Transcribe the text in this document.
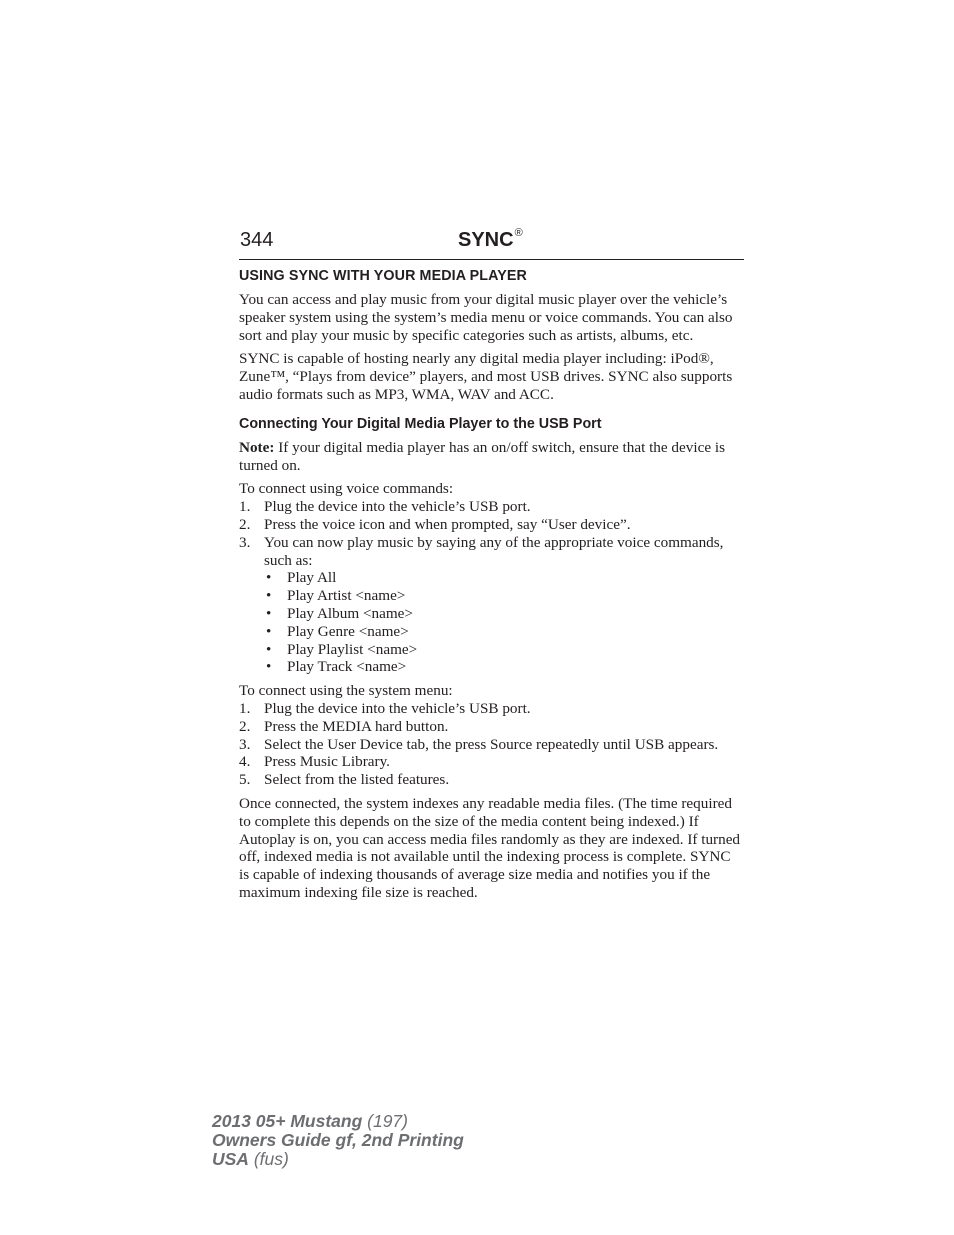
344	SYNC®
USING SYNC WITH YOUR MEDIA PLAYER

You can access and play music from your digital music player over the vehicle’s speaker system using the system’s media menu or voice commands. You can also sort and play your music by specific categories such as artists, albums, etc.

SYNC is capable of hosting nearly any digital media player including: iPod®, Zune™, “Plays from device” players, and most USB drives. SYNC also supports audio formats such as MP3, WMA, WAV and ACC.

Connecting Your Digital Media Player to the USB Port

Note: If your digital media player has an on/off switch, ensure that the device is turned on.

To connect using voice commands:
1. Plug the device into the vehicle’s USB port.
2. Press the voice icon and when prompted, say “User device”.
3. You can now play music by saying any of the appropriate voice commands, such as:
• Play All
• Play Artist <name>
• Play Album <name>
• Play Genre <name>
• Play Playlist <name>
• Play Track <name>
To connect using the system menu:
1. Plug the device into the vehicle’s USB port.
2. Press the MEDIA hard button.
3. Select the User Device tab, the press Source repeatedly until USB appears.
4. Press Music Library.
5. Select from the listed features.

Once connected, the system indexes any readable media files. (The time required to complete this depends on the size of the media content being indexed.) If Autoplay is on, you can access media files randomly as they are indexed. If turned off, indexed media is not available until the indexing process is complete. SYNC is capable of indexing thousands of average size media and notifies you if the maximum indexing file size is reached.

2013 05+ Mustang (197)
Owners Guide gf, 2nd Printing
USA (fus)
